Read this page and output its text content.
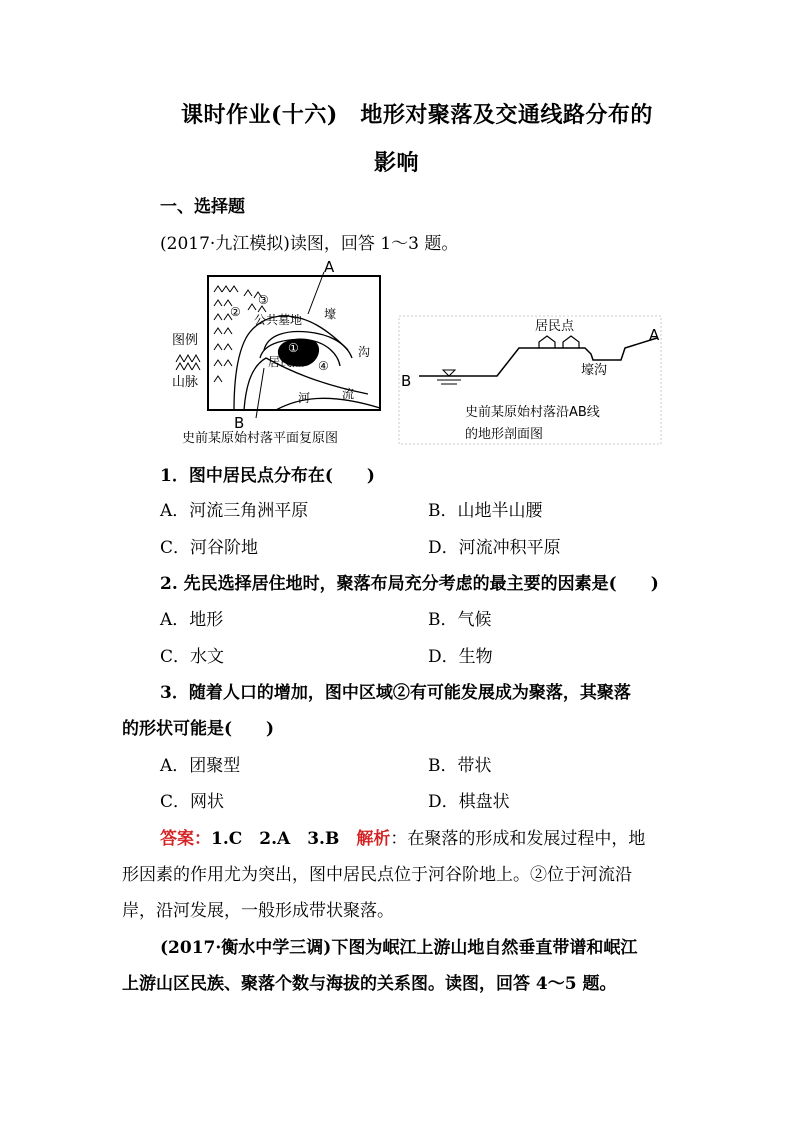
课时作业(十六)　地形对聚落及交通线路分布的
影响
一、选择题
(2017·九江模拟)读图，回答 1～3 题。
图例
山脉
A
B
③
②
公共墓地 壕
①
居民点
沟
④
河	流
史前某原始村落平面复原图
居民点	A
B
壕沟
史前某原始村落沿AB线
的地形剖面图
1．图中居民点分布在(　　)
A．河流三角洲平原	B．山地半山腰
C．河谷阶地	D．河流冲积平原
2. 先民选择居住地时，聚落布局充分考虑的最主要的因素是(　　)
A．地形	B．气候
C．水文	D．生物
3．随着人口的增加，图中区域②有可能发展成为聚落，其聚落
的形状可能是(　　)
A．团聚型	B．带状
C．网状	D．棋盘状
答案：1.C　2.A　3.B　 解析：在聚落的形成和发展过程中，地
形因素的作用尤为突出，图中居民点位于河谷阶地上。②位于河流沿
岸，沿河发展，一般形成带状聚落。
(2017·衡水中学三调)下图为岷江上游山地自然垂直带谱和岷江
上游山区民族、聚落个数与海拔的关系图。读图，回答 4～5 题。
